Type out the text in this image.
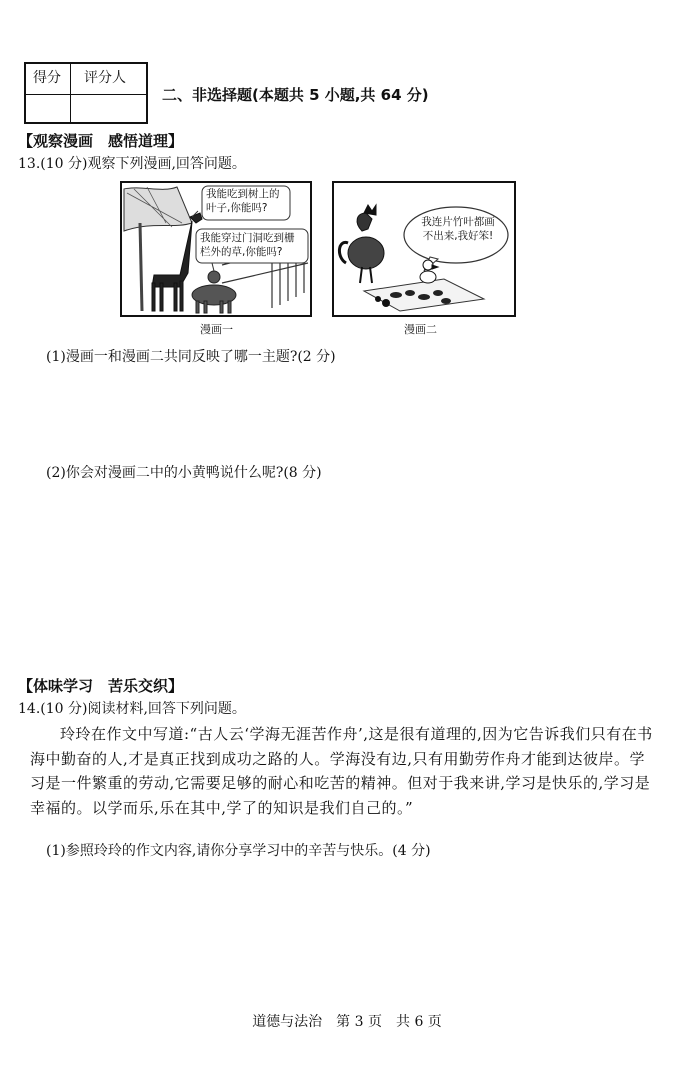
得分 评分人
二、非选择题(本题共 5 小题,共 64 分)
【观察漫画　感悟道理】
13.(10 分)观察下列漫画,回答问题。
我能吃到树上的
叶子,你能吗?
我能穿过门洞吃到栅
栏外的草,你能吗?
漫画一
我连片竹叶都画
不出来,我好笨!
漫画二
(1)漫画一和漫画二共同反映了哪一主题?(2 分)
(2)你会对漫画二中的小黄鸭说什么呢?(8 分)
【体味学习　苦乐交织】
14.(10 分)阅读材料,回答下列问题。
玲玲在作文中写道:“古人云‘学海无涯苦作舟’,这是很有道理的,因为它告诉我们只有在书海中勤奋的人,才是真正找到成功之路的人。学海没有边,只有用勤劳作舟才能到达彼岸。学习是一件繁重的劳动,它需要足够的耐心和吃苦的精神。但对于我来讲,学习是快乐的,学习是幸福的。以学而乐,乐在其中,学了的知识是我们自己的。”
(1)参照玲玲的作文内容,请你分享学习中的辛苦与快乐。(4 分)
道德与法治　第 3 页　共 6 页
